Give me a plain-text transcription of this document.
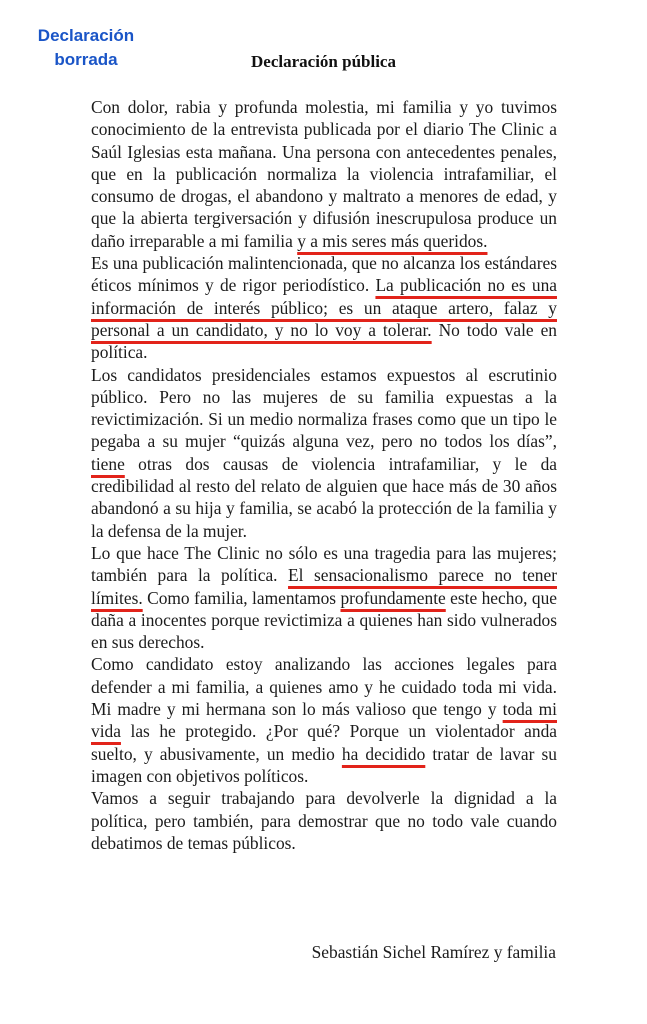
Declaración
borrada	Declaración pública

Con dolor, rabia y profunda molestia, mi familia y yo tuvimos conocimiento de la entrevista publicada por el diario The Clinic a Saúl Iglesias esta mañana. Una persona con antecedentes penales, que en la publicación normaliza la violencia intrafamiliar, el consumo de drogas, el abandono y maltrato a menores de edad, y que la abierta tergiversación y difusión inescrupulosa produce un daño irreparable a mi familia y a mis seres más queridos.

Es una publicación malintencionada, que no alcanza los estándares éticos mínimos y de rigor periodístico. La publicación no es una información de interés público; es un ataque artero, falaz y personal a un candidato, y no lo voy a tolerar. No todo vale en política.

Los candidatos presidenciales estamos expuestos al escrutinio público. Pero no las mujeres de su familia expuestas a la revictimización. Si un medio normaliza frases como que un tipo le pegaba a su mujer “quizás alguna vez, pero no todos los días”, tiene otras dos causas de violencia intrafamiliar, y le da credibilidad al resto del relato de alguien que hace más de 30 años abandonó a su hija y familia, se acabó la protección de la familia y la defensa de la mujer.

Lo que hace The Clinic no sólo es una tragedia para las mujeres; también para la política. El sensacionalismo parece no tener límites. Como familia, lamentamos profundamente este hecho, que daña a inocentes porque revictimiza a quienes han sido vulnerados en sus derechos.

Como candidato estoy analizando las acciones legales para defender a mi familia, a quienes amo y he cuidado toda mi vida. Mi madre y mi hermana son lo más valioso que tengo y toda mi vida las he protegido. ¿Por qué? Porque un violentador anda suelto, y abusivamente, un medio ha decidido tratar de lavar su imagen con objetivos políticos.

Vamos a seguir trabajando para devolverle la dignidad a la política, pero también, para demostrar que no todo vale cuando debatimos de temas públicos.

Sebastián Sichel Ramírez y familia
